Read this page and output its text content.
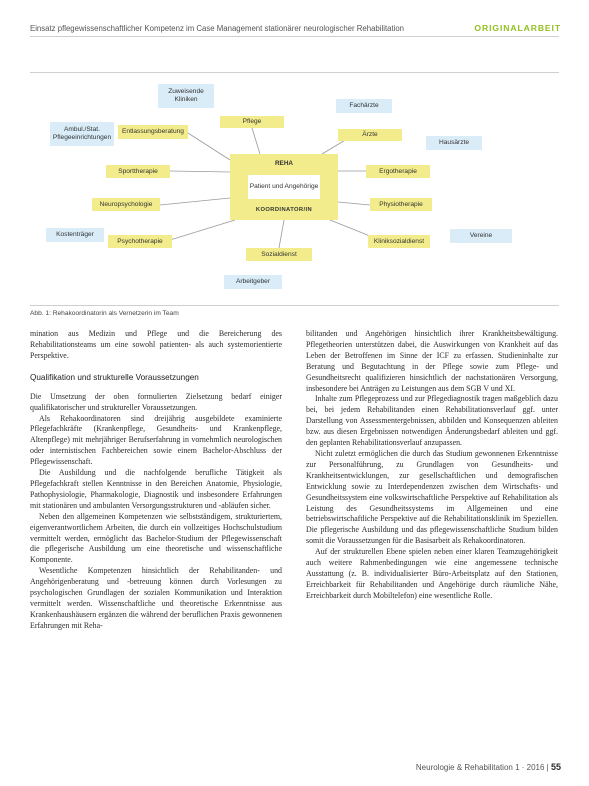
Einsatz pflegewissenschaftlicher Kompetenz im Case Management stationärer neurologischer Rehabilitation	ORIGINALARBEIT
Zuweisende Kliniken
Ambul./Stat. Pflegeeinrichtungen
Entlassungsberatung
Pflege
Ärzte
Fachärzte
Hausärzte
Sporttherapie	Ergotherapie
Neuropsychologie	Physiotherapie
Kostenträger
Psychotherapie	Kliniksozialdienst
Vereine
Sozialdienst
Arbeitgeber
REHA
Patient und Angehörige
KOORDINATOR/IN
Abb. 1: Rehakoordinatorin als Vernetzerin im Team

mination aus Medizin und Pflege und die Bereicherung des Rehabilitationsteams um eine sowohl patienten- als auch systemorientierte Perspektive.

Qualifikation und strukturelle Voraussetzungen

Die Umsetzung der oben formulierten Zielsetzung bedarf einiger qualifikatorischer und struktureller Voraussetzungen.

Als Rehakoordinatoren sind dreijährig ausgebildete examinierte Pflegefachkräfte (Krankenpflege, Gesundheits- und Krankenpflege, Altenpflege) mit mehrjähriger Berufserfahrung in vornehmlich neurologischen oder internistischen Fachbereichen sowie einem Bachelor-Abschluss der Pflegewissenschaft.

Die Ausbildung und die nachfolgende berufliche Tätigkeit als Pflegefachkraft stellen Kenntnisse in den Bereichen Anatomie, Physiologie, Pathophysiologie, Pharmakologie, Diagnostik und insbesondere Erfahrungen mit stationären und ambulanten Versorgungsstrukturen und -abläufen sicher.

Neben den allgemeinen Kompetenzen wie selbstständigem, strukturiertem, eigenverantwortlichem Arbeiten, die durch ein vollzeitiges Hochschulstudium vermittelt werden, ermöglicht das Bachelor-Studium der Pflegewissenschaft die pflegerische Ausbildung um eine theoretische und wissenschaftliche Komponente.

Wesentliche Kompetenzen hinsichtlich der Rehabilitanden- und Angehörigenberatung und -betreuung können durch Vorlesungen zu psychologischen Grundlagen der sozialen Kommunikation und Interaktion vermittelt werden. Wissenschaftliche und theoretische Erkenntnisse aus Krankenhaushäusern ergänzen die während der beruflichen Praxis gewonnenen Erfahrungen mit Reha-

bilitanden und Angehörigen hinsichtlich ihrer Krankheitsbewältigung. Pflegetheorien unterstützen dabei, die Auswirkungen von Krankheit auf das Leben der Betroffenen im Sinne der ICF zu erfassen. Studieninhalte zur Beratung und Begutachtung in der Pflege sowie zum Pflege- und Gesundheitsrecht qualifizieren hinsichtlich der nachstationären Versorgung, insbesondere bei Anträgen zu Leistungen aus dem SGB V und XI.

Inhalte zum Pflegeprozess und zur Pflegediagnostik tragen maßgeblich dazu bei, bei jedem Rehabilitanden einen Rehabilitationsverlauf ggf. unter Darstellung von Assessmentergebnissen, abbilden und Konsequenzen ableiten bzw. aus diesen Ergebnissen notwendigen Änderungsbedarf ableiten und ggf. den geplanten Rehabilitationsverlauf anzupassen.

Nicht zuletzt ermöglichen die durch das Studium gewonnenen Erkenntnisse zur Personalführung, zu Grundlagen von Gesundheits- und Krankheitsentwicklungen, zur gesellschaftlichen und demografischen Entwicklung sowie zu Interdependenzen zwischen dem Wirtschafts- und Gesundheitssystem eine volkswirtschaftliche Perspektive auf Rehabilitation als Leistung des Gesundheitssystems im Allgemeinen und eine betriebswirtschaftliche Perspektive auf die Rehabilitationsklinik im Speziellen. Die pflegerische Ausbildung und das pflegewissenschaftliche Studium bilden somit die Voraussetzungen für die Basisarbeit als Rehakoordinatoren.

Auf der strukturellen Ebene spielen neben einer klaren Teamzugehörigkeit auch weitere Rahmenbedingungen wie eine angemessene technische Ausstattung (z. B. individualisierter Büro-Arbeitsplatz auf den Stationen, Erreichbarkeit für Rehabilitanden und Angehörige durch räumliche Nähe, Erreichbarkeit durch Mobiltelefon) eine wesentliche Rolle.

Neurologie & Rehabilitation 1 · 2016 | 55
